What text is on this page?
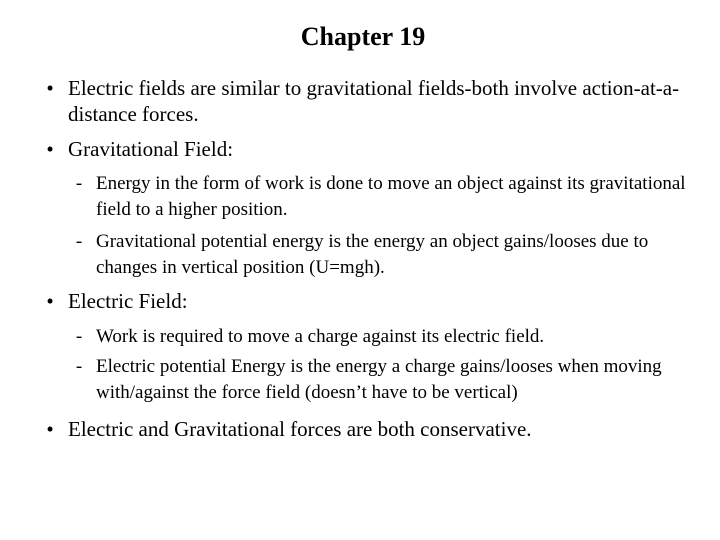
Chapter 19
• Electric fields are similar to gravitational fields-both involve action-at-a-distance forces.
• Gravitational Field:
- Energy in the form of work is done to move an object against its gravitational field to a higher position.
- Gravitational potential energy is the energy an object gains/looses due to changes in vertical position (U=mgh).
• Electric Field:
- Work is required to move a charge against its electric field.
- Electric potential Energy is the energy a charge gains/looses when moving with/against the force field (doesn’t have to be vertical)
• Electric and Gravitational forces are both conservative.
